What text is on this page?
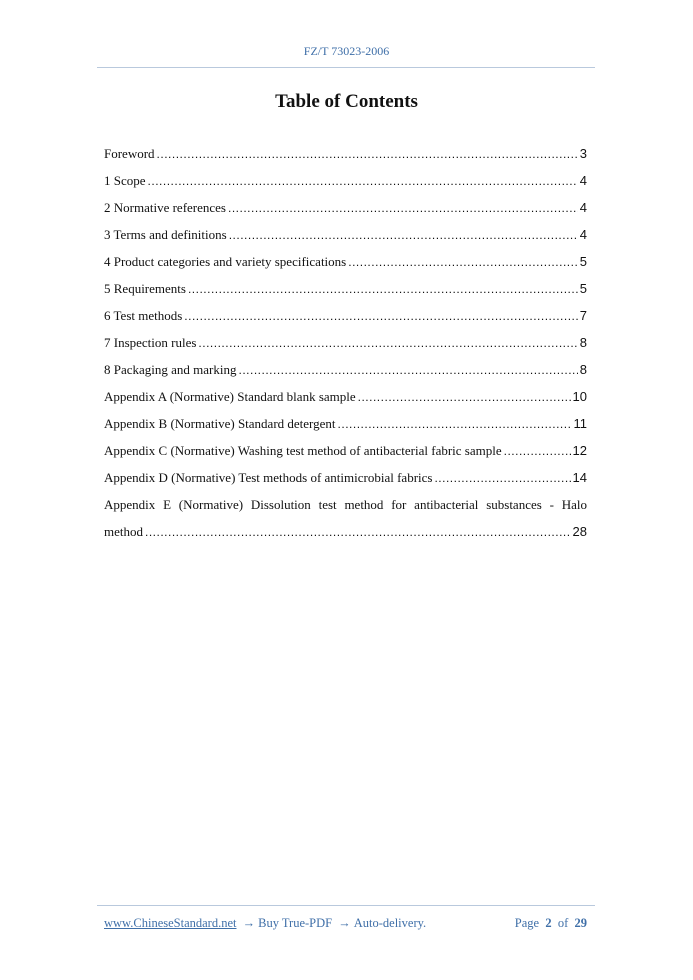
FZ/T 73023-2006
Table of Contents
Foreword .....	3
1 Scope .....	4
2 Normative references .....	4
3 Terms and definitions .....	4
4 Product categories and variety specifications .....	5
5 Requirements .....	5
6 Test methods .....	7
7 Inspection rules .....	8
8 Packaging and marking .....	8
Appendix A (Normative) Standard blank sample .....	10
Appendix B (Normative) Standard detergent .....	11
Appendix C (Normative) Washing test method of antibacterial fabric sample .....	12
Appendix D (Normative) Test methods of antimicrobial fabrics .....	14
Appendix E (Normative) Dissolution test method for antibacterial substances - Halo
method .....	28
www.ChineseStandard.net → Buy True-PDF → Auto-delivery.	Page 2 of 29
